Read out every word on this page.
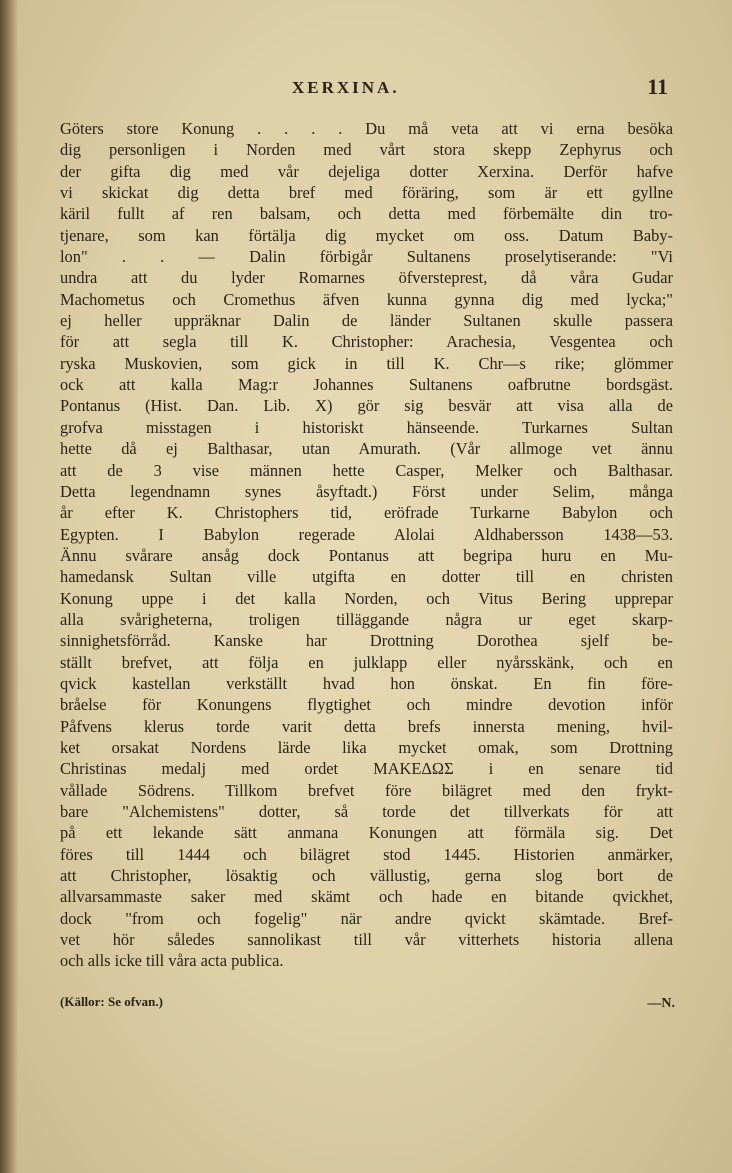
XERXINA.	11
Göters store Konung . . . . Du må veta att vi erna besöka
dig personligen i Norden med vårt stora skepp Zephyrus och
der gifta dig med vår dejeliga dotter Xerxina. Derför hafve
vi skickat dig detta bref med föräring, som är ett gyllne
käril fullt af ren balsam, och detta med förbemälte din tro-
tjenare, som kan förtälja dig mycket om oss. Datum Baby-
lon" . . — Dalin förbigår Sultanens proselytiserande: "Vi
undra att du lyder Romarnes öfversteprest, då våra Gudar
Machometus och Cromethus äfven kunna gynna dig med lycka;"
ej heller uppräknar Dalin de länder Sultanen skulle passera
för att segla till K. Christopher: Arachesia, Vesgentea och
ryska Muskovien, som gick in till K. Chr—s rike; glömmer
ock att kalla Mag:r Johannes Sultanens oafbrutne bordsgäst.
Pontanus (Hist. Dan. Lib. X) gör sig besvär att visa alla de
grofva misstagen i historiskt hänseende. Turkarnes Sultan
hette då ej Balthasar, utan Amurath. (Vår allmoge vet ännu
att de 3 vise männen hette Casper, Melker och Balthasar.
Detta legendnamn synes åsyftadt.) Först under Selim, många
år efter K. Christophers tid, eröfrade Turkarne Babylon och
Egypten. I Babylon regerade Alolai Aldhabersson 1438—53.
Ännu svårare ansåg dock Pontanus att begripa huru en Mu-
hamedansk Sultan ville utgifta en dotter till en christen
Konung uppe i det kalla Norden, och Vitus Bering upprepar
alla svårigheterna, troligen tilläggande några ur eget skarp-
sinnighetsförråd. Kanske har Drottning Dorothea sjelf be-
ställt brefvet, att följa en julklapp eller nyårsskänk, och en
qvick kastellan verkställt hvad hon önskat. En fin före-
bråelse för Konungens flygtighet och mindre devotion inför
Påfvens klerus torde varit detta brefs innersta mening, hvil-
ket orsakat Nordens lärde lika mycket omak, som Drottning
Christinas medalj med ordet ΜΑΚΕΔΩΣ i en senare tid
vållade Södrens. Tillkom brefvet före bilägret med den frykt-
bare "Alchemistens" dotter, så torde det tillverkats för att
på ett lekande sätt anmana Konungen att förmäla sig. Det
föres till 1444 och bilägret stod 1445. Historien anmärker,
att Christopher, lösaktig och vällustig, gerna slog bort de
allvarsammaste saker med skämt och hade en bitande qvickhet,
dock "from och fogelig" när andre qvickt skämtade. Bref-
vet hör således sannolikast till vår vitterhets historia allena
och alls icke till våra acta publica.
(Källor: Se ofvan.)	—N.
